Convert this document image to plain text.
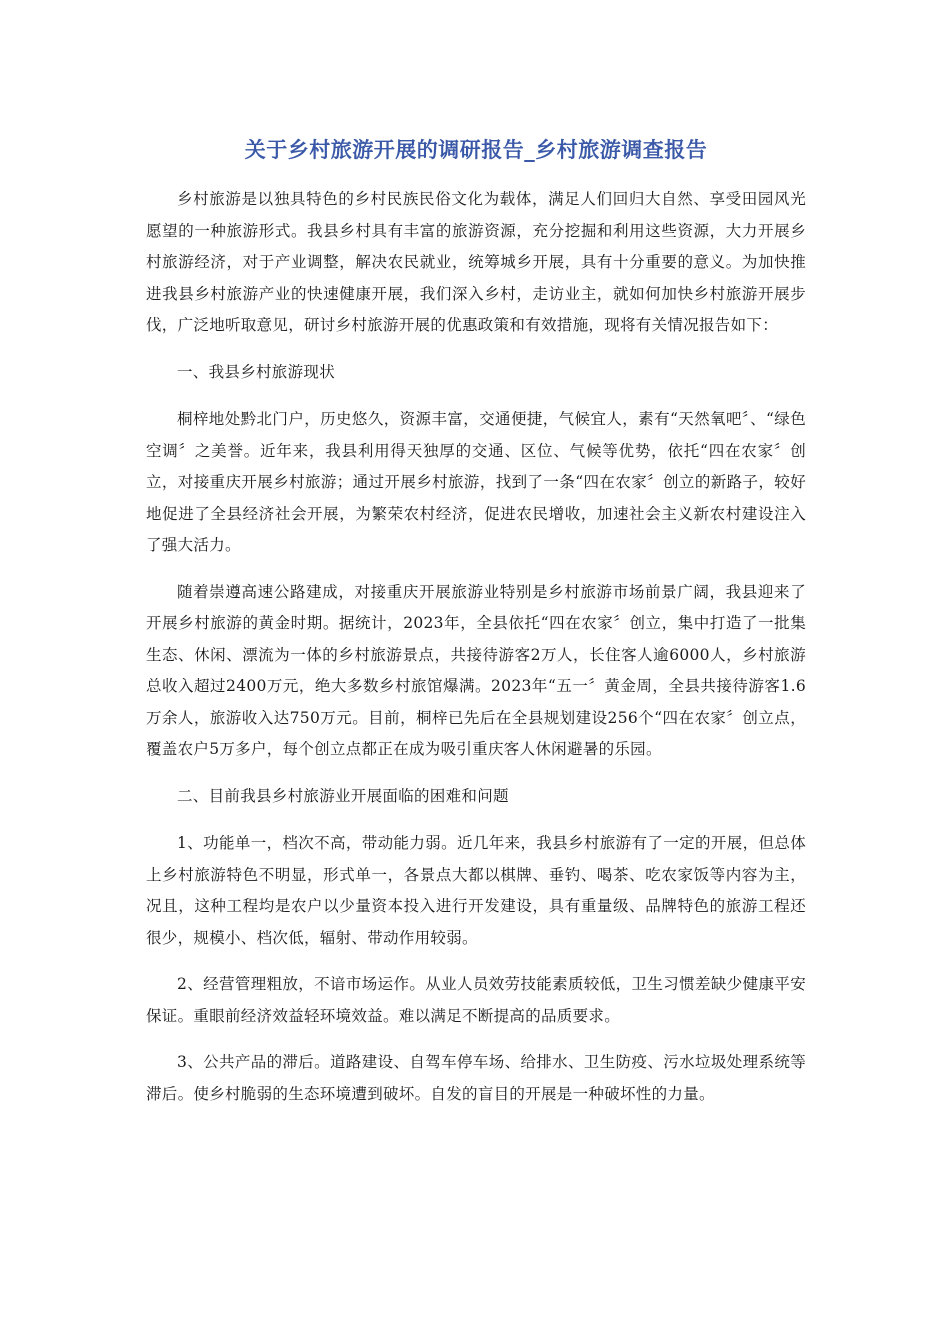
关于乡村旅游开展的调研报告_乡村旅游调查报告

乡村旅游是以独具特色的乡村民族民俗文化为载体，满足人们回归大自然、享受田园风光愿望的一种旅游形式。我县乡村具有丰富的旅游资源，充分挖掘和利用这些资源，大力开展乡村旅游经济，对于产业调整，解决农民就业，统筹城乡开展，具有十分重要的意义。为加快推进我县乡村旅游产业的快速健康开展，我们深入乡村，走访业主，就如何加快乡村旅游开展步伐，广泛地听取意见，研讨乡村旅游开展的优惠政策和有效措施，现将有关情况报告如下：

一、我县乡村旅游现状

桐梓地处黔北门户，历史悠久，资源丰富，交通便捷，气候宜人，素有“天然氧吧〞、“绿色空调〞之美誉。近年来，我县利用得天独厚的交通、区位、气候等优势，依托“四在农家〞创立，对接重庆开展乡村旅游；通过开展乡村旅游，找到了一条“四在农家〞创立的新路子，较好地促进了全县经济社会开展，为繁荣农村经济，促进农民增收，加速社会主义新农村建设注入了强大活力。

随着崇遵高速公路建成，对接重庆开展旅游业特别是乡村旅游市场前景广阔，我县迎来了开展乡村旅游的黄金时期。据统计，2023年，全县依托“四在农家〞创立，集中打造了一批集生态、休闲、漂流为一体的乡村旅游景点，共接待游客2万人，长住客人逾6000人，乡村旅游总收入超过2400万元，绝大多数乡村旅馆爆满。2023年“五一〞黄金周，全县共接待游客1.6万余人，旅游收入达750万元。目前，桐梓已先后在全县规划建设256个“四在农家〞创立点，覆盖农户5万多户，每个创立点都正在成为吸引重庆客人休闲避暑的乐园。

二、目前我县乡村旅游业开展面临的困难和问题

1、功能单一，档次不高，带动能力弱。近几年来，我县乡村旅游有了一定的开展，但总体上乡村旅游特色不明显，形式单一，各景点大都以棋牌、垂钓、喝茶、吃农家饭等内容为主，况且，这种工程均是农户以少量资本投入进行开发建设，具有重量级、品牌特色的旅游工程还很少，规模小、档次低，辐射、带动作用较弱。

2、经营管理粗放，不谙市场运作。从业人员效劳技能素质较低，卫生习惯差缺少健康平安保证。重眼前经济效益轻环境效益。难以满足不断提高的品质要求。

3、公共产品的滞后。道路建设、自驾车停车场、给排水、卫生防疫、污水垃圾处理系统等滞后。使乡村脆弱的生态环境遭到破坏。自发的盲目的开展是一种破坏性的力量。
